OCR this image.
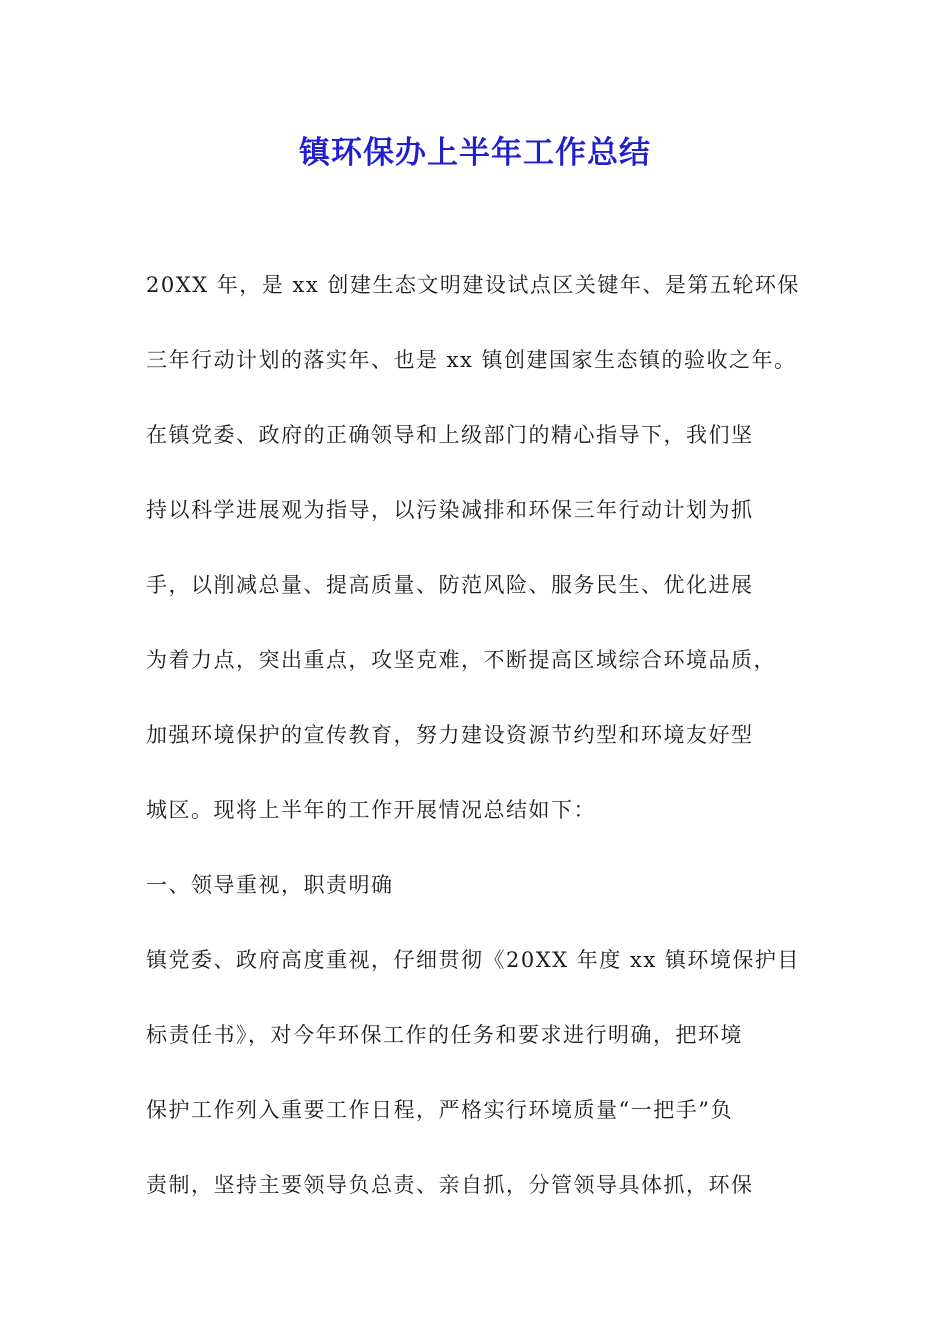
镇环保办上半年工作总结
20XX 年，是 xx 创建生态文明建设试点区关键年、是第五轮环保
三年行动计划的落实年、也是 xx 镇创建国家生态镇的验收之年。
在镇党委、政府的正确领导和上级部门的精心指导下，我们坚
持以科学进展观为指导，以污染减排和环保三年行动计划为抓
手，以削减总量、提高质量、防范风险、服务民生、优化进展
为着力点，突出重点，攻坚克难，不断提高区域综合环境品质，
加强环境保护的宣传教育，努力建设资源节约型和环境友好型
城区。现将上半年的工作开展情况总结如下：
一、领导重视，职责明确
镇党委、政府高度重视，仔细贯彻《20XX 年度 xx 镇环境保护目
标责任书》，对今年环保工作的任务和要求进行明确，把环境
保护工作列入重要工作日程，严格实行环境质量“一把手”负
责制，坚持主要领导负总责、亲自抓，分管领导具体抓，环保
